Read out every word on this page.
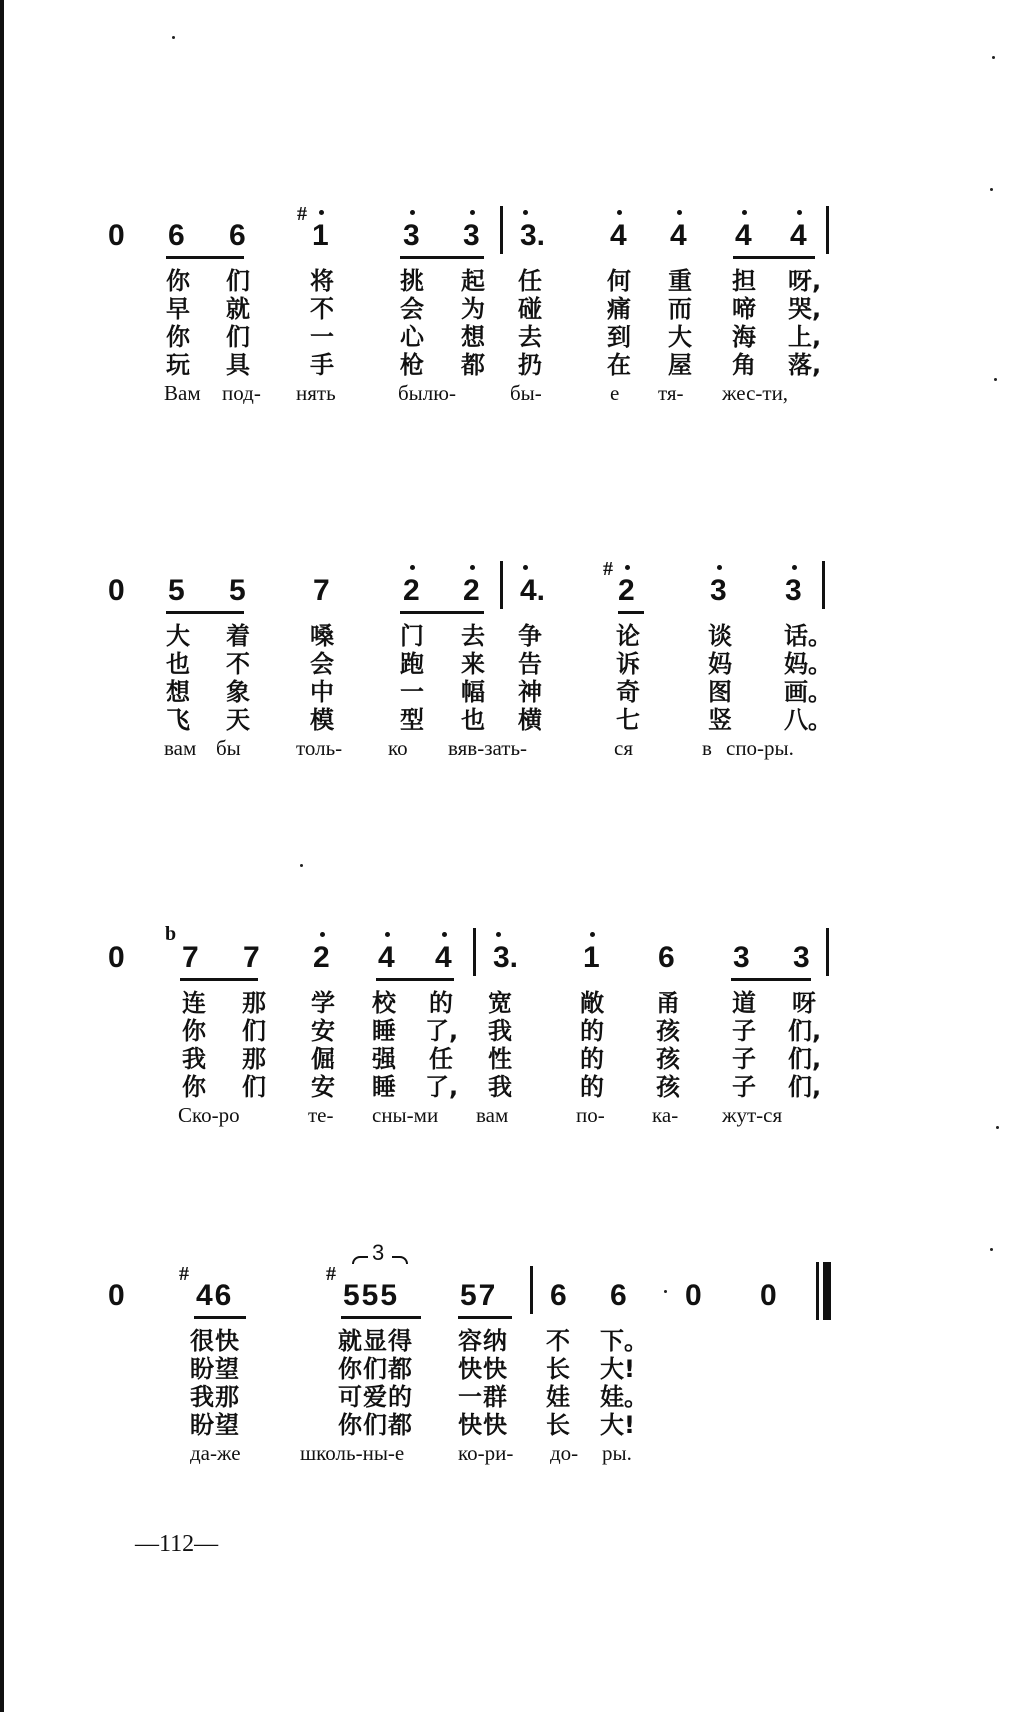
0 6 6
#
1 3 3 3. 4 4 4 4
你 们	将	挑 起 任	何 重 担 呀,
早 就	不	会 为 碰	痛 而 啼 哭,
你 们	一	心 想 去	到 大 海 上,
玩 具	手	枪 都 扔	在 屋 角 落,
Вам под- нять	былю-	бы-	е тя- жес-ти,
0 5 5 7 2 2 4.
#
2	3 3
大 着	嗓	门 去 争	论	谈 话。
也 不	会	跑 来 告	诉	妈 妈。
想 象	中	一 幅 神	奇	图 画。
飞 天	模	型 也 横	七	竖 八。
вам бы	толь- ко вяв-зать-	ся	в спо-ры.
0
b
7 7 2 4 4 3. 1 6 3 3
连 那 学 校 的 宽	敞 甬 道 呀
你 们 安 睡 了, 我	的 孩 子 们,
我 那 倔 强 任 性	的 孩 子 们,
你 们 安 睡 了, 我	的 孩 子 们,
Ско-ро	те- сны-ми вам	по- ка- жут-ся
0
#
46
3
#
555 57 6 6 0 0
很快	就显得 容纳 不 下。
盼望	你们都 快快 长 大!
我那	可爱的 一群 娃 娃。
盼望	你们都 快快 长 大!
да-же	школь-ны-е	ко-ри- до- ры.
—112—
